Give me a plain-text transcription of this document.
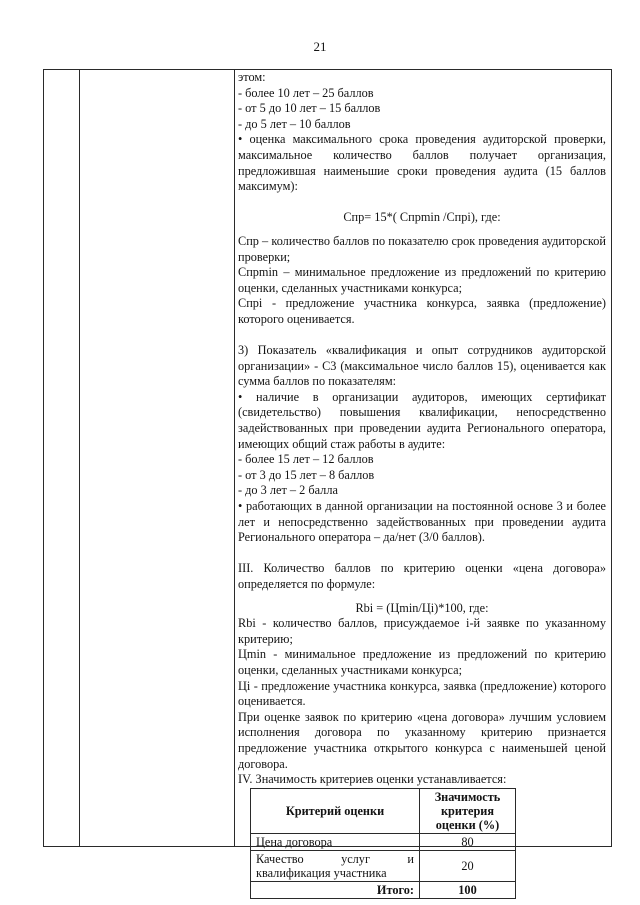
21

этом:

- более 10 лет – 25 баллов

- от 5 до 10 лет – 15 баллов

- до 5 лет – 10 баллов

• оценка максимального срока проведения аудиторской проверки, максимальное количество баллов получает организация, предложившая наименьшие сроки проведения аудита (15 баллов максимум):

Спр= 15*( Cпрmin /Cпрi), где:

Спр – количество баллов по показателю срок проведения аудиторской проверки;

Спрmin – минимальное предложение из предложений по критерию оценки, сделанных участниками конкурса;

Спрi - предложение участника конкурса, заявка (предложение) которого оценивается.

3) Показатель «квалификация и опыт сотрудников аудиторской организации» - С3 (максимальное число баллов 15), оценивается как сумма баллов по показателям:

• наличие в организации аудиторов, имеющих сертификат (свидетельство) повышения квалификации, непосредственно задействованных при проведении аудита Регионального оператора, имеющих общий стаж работы в аудите:

- более 15 лет – 12 баллов

- от 3 до 15 лет – 8 баллов

- до 3 лет – 2 балла

• работающих в данной организации на постоянной основе 3 и более лет и непосредственно задействованных при проведении аудита Регионального оператора – да/нет (3/0 баллов).

III. Количество баллов по критерию оценки «цена договора» определяется по формуле:

Rbi = (Цmin/Цi)*100, где:

Rbi - количество баллов, присуждаемое i-й заявке по указанному критерию;

Цmin - минимальное предложение из предложений по критерию оценки, сделанных участниками конкурса;

Цi - предложение участника конкурса, заявка (предложение) которого оценивается.

При оценке заявок по критерию «цена договора» лучшим условием исполнения договора по указанному критерию признается предложение участника открытого конкурса с наименьшей ценой договора.

IV. Значимость критериев оценки устанавливается:

Критерий оценки	Значимость критерия оценки (%)
Цена договора	80
Качество услуг и квалификация участника	20
Итого:	100
